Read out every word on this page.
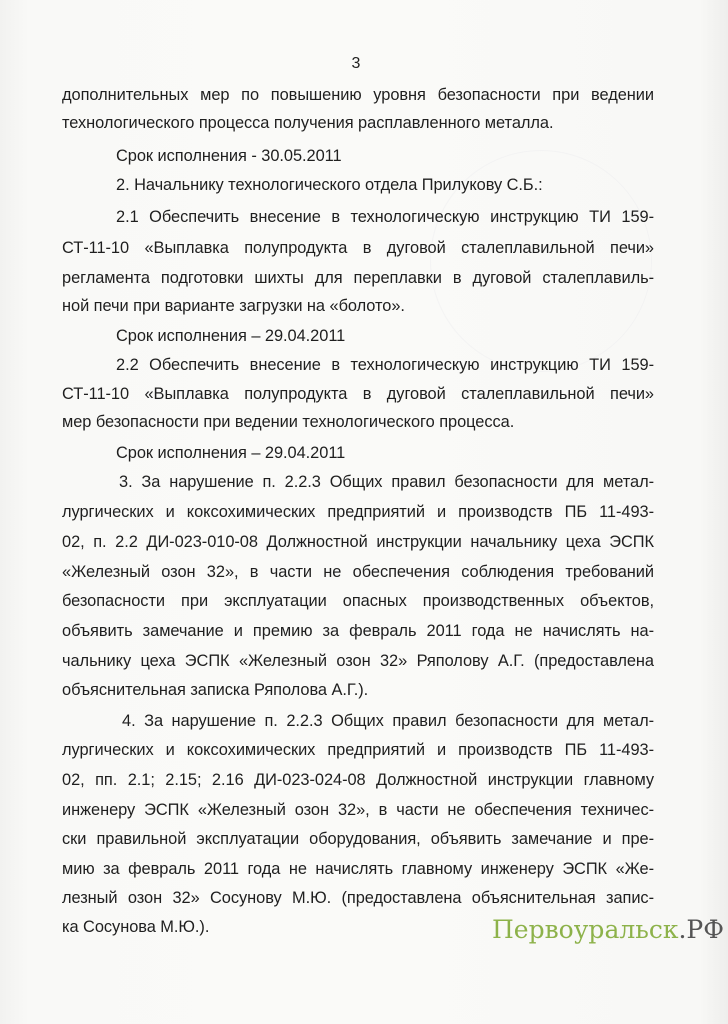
3
дополнительных мер по повышению уровня безопасности при ведении
технологического процесса получения расплавленного металла.
Срок исполнения - 30.05.2011
2. Начальнику технологического отдела Прилукову С.Б.:
2.1 Обеспечить внесение в технологическую инструкцию ТИ 159-
СТ-11-10 «Выплавка полупродукта в дуговой сталеплавильной печи»
регламента подготовки шихты для переплавки в дуговой сталеплавиль-
ной печи при варианте загрузки на «болото».
Срок исполнения – 29.04.2011
2.2 Обеспечить внесение в технологическую инструкцию ТИ 159-
СТ-11-10 «Выплавка полупродукта в дуговой сталеплавильной печи»
мер безопасности при ведении технологического процесса.
Срок исполнения – 29.04.2011
3. За нарушение п. 2.2.3 Общих правил безопасности для метал-
лургических и коксохимических предприятий и производств ПБ 11-493-
02, п. 2.2 ДИ-023-010-08 Должностной инструкции начальнику цеха ЭСПК
«Железный озон 32», в части не обеспечения соблюдения требований
безопасности при эксплуатации опасных производственных объектов,
объявить замечание и премию за февраль 2011 года не начислять на-
чальнику цеха ЭСПК «Железный озон 32» Ряполову А.Г. (предоставлена
объяснительная записка Ряполова А.Г.).
4. За нарушение п. 2.2.3 Общих правил безопасности для метал-
лургических и коксохимических предприятий и производств ПБ 11-493-
02, пп. 2.1; 2.15; 2.16 ДИ-023-024-08 Должностной инструкции главному
инженеру ЭСПК «Железный озон 32», в части не обеспечения техничес-
ски правильной эксплуатации оборудования, объявить замечание и пре-
мию за февраль 2011 года не начислять главному инженеру ЭСПК «Же-
лезный озон 32» Сосунову М.Ю. (предоставлена объяснительная запис-
ка Сосунова М.Ю.).	Первоуральск.РФ
